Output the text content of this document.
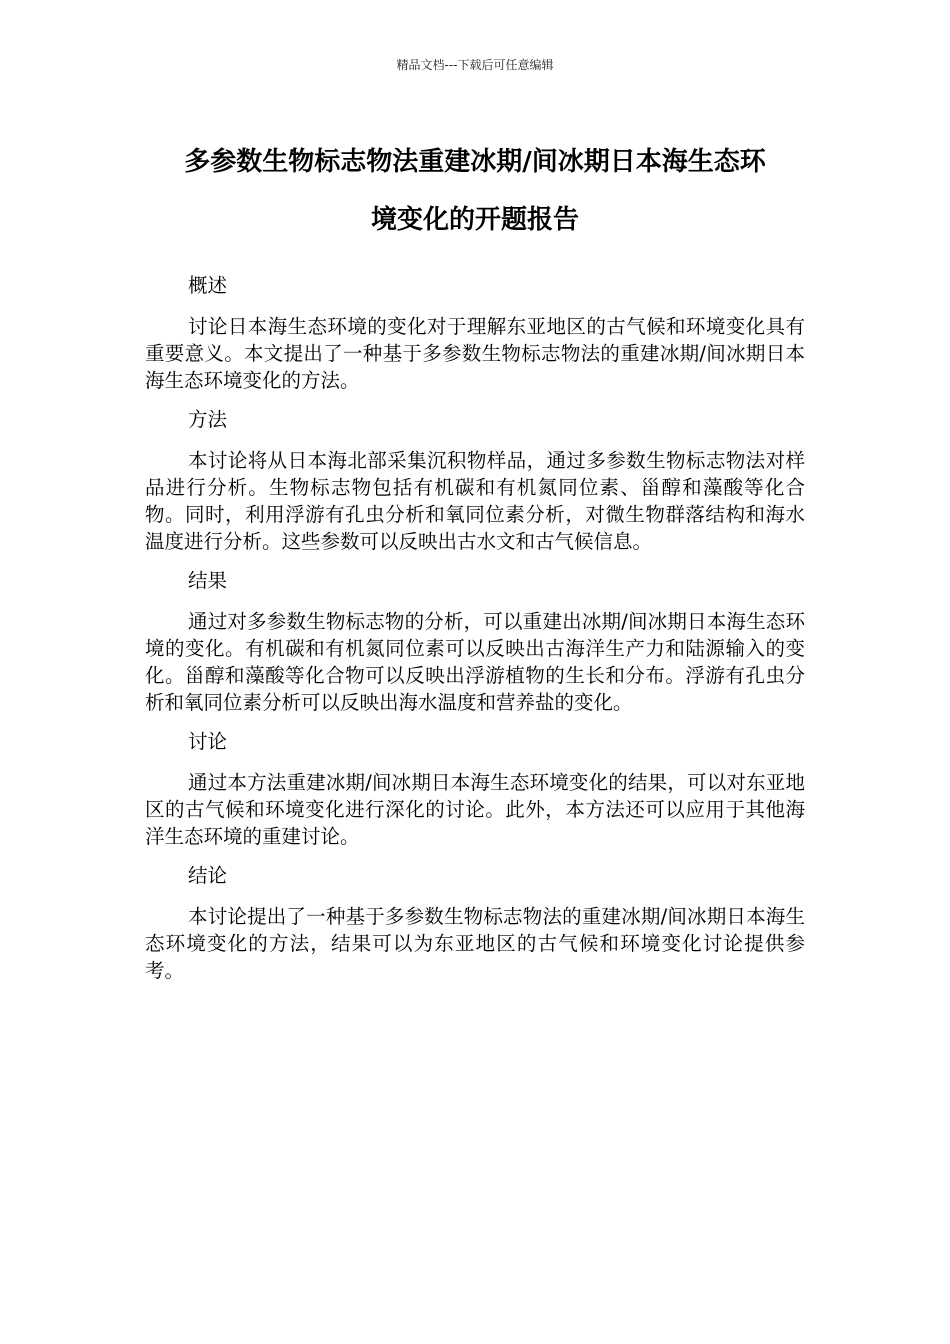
精品文档---下载后可任意编辑
多参数生物标志物法重建冰期/间冰期日本海生态环
境变化的开题报告

概述

讨论日本海生态环境的变化对于理解东亚地区的古气候和环境变化具有重要意义。本文提出了一种基于多参数生物标志物法的重建冰期/间冰期日本海生态环境变化的方法。

方法

本讨论将从日本海北部采集沉积物样品，通过多参数生物标志物法对样品进行分析。生物标志物包括有机碳和有机氮同位素、甾醇和藻酸等化合物。同时，利用浮游有孔虫分析和氧同位素分析，对微生物群落结构和海水温度进行分析。这些参数可以反映出古水文和古气候信息。

结果

通过对多参数生物标志物的分析，可以重建出冰期/间冰期日本海生态环境的变化。有机碳和有机氮同位素可以反映出古海洋生产力和陆源输入的变化。甾醇和藻酸等化合物可以反映出浮游植物的生长和分布。浮游有孔虫分析和氧同位素分析可以反映出海水温度和营养盐的变化。

讨论

通过本方法重建冰期/间冰期日本海生态环境变化的结果，可以对东亚地区的古气候和环境变化进行深化的讨论。此外，本方法还可以应用于其他海洋生态环境的重建讨论。

结论

本讨论提出了一种基于多参数生物标志物法的重建冰期/间冰期日本海生态环境变化的方法，结果可以为东亚地区的古气候和环境变化讨论提供参考。
